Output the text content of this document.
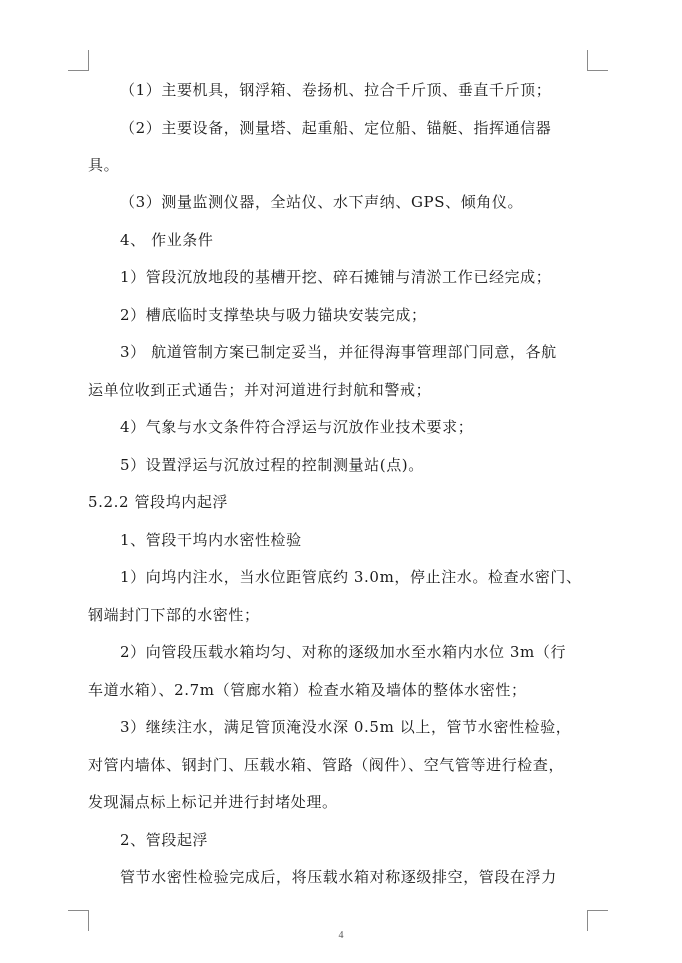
（1）主要机具，钢浮箱、卷扬机、拉合千斤顶、垂直千斤顶；
（2）主要设备，测量塔、起重船、定位船、锚艇、指挥通信器
具。
（3）测量监测仪器，全站仪、水下声纳、GPS、倾角仪。
4、 作业条件
1）管段沉放地段的基槽开挖、碎石摊铺与清淤工作已经完成；
2）槽底临时支撑垫块与吸力锚块安装完成；
3） 航道管制方案已制定妥当，并征得海事管理部门同意，各航
运单位收到正式通告；并对河道进行封航和警戒；
4）气象与水文条件符合浮运与沉放作业技术要求；
5）设置浮运与沉放过程的控制测量站(点)。
5.2.2 管段坞内起浮
1、管段干坞内水密性检验
1）向坞内注水，当水位距管底约 3.0m，停止注水。检查水密门、
钢端封门下部的水密性；
2）向管段压载水箱均匀、对称的逐级加水至水箱内水位 3m（行
车道水箱）、2.7m（管廊水箱）检查水箱及墙体的整体水密性；
3）继续注水，满足管顶淹没水深 0.5m 以上，管节水密性检验，
对管内墙体、钢封门、压载水箱、管路（阀件）、空气管等进行检查，
发现漏点标上标记并进行封堵处理。
2、管段起浮
管节水密性检验完成后，将压载水箱对称逐级排空，管段在浮力
4
